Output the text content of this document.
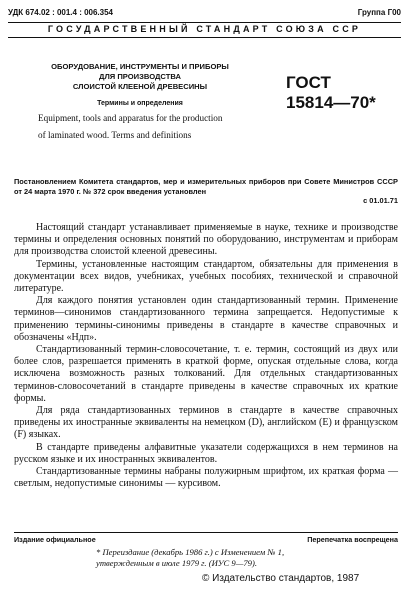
УДК 674.02 : 001.4 : 006.354	Группа Г00
ГОСУДАРСТВЕННЫЙ СТАНДАРТ СОЮЗА ССР
ОБОРУДОВАНИЕ, ИНСТРУМЕНТЫ И ПРИБОРЫ
ДЛЯ ПРОИЗВОДСТВА
СЛОИСТОЙ КЛЕЕНОЙ ДРЕВЕСИНЫ
Термины и определения
Equipment, tools and apparatus for the production
of laminated wood. Terms and definitions
ГОСТ
15814—70*
Постановлением Комитета стандартов, мер и измерительных приборов при Совете Министров СССР от 24 марта 1970 г. № 372 срок введения установлен
с 01.01.71

Настоящий стандарт устанавливает применяемые в науке, технике и производстве термины и определения основных понятий по оборудованию, инструментам и приборам для производства слоистой клееной древесины.

Термины, установленные настоящим стандартом, обязательны для применения в документации всех видов, учебниках, учебных пособиях, технической и справочной литературе.

Для каждого понятия установлен один стандартизованный термин. Применение терминов—синонимов стандартизованного термина запрещается. Недопустимые к применению термины-синонимы приведены в стандарте в качестве справочных и обозначены «Ндп».

Стандартизованный термин-словосочетание, т. е. термин, состоящий из двух или более слов, разрешается применять в краткой форме, опуская отдельные слова, когда исключена возможность разных толкований. Для отдельных стандартизованных терминов-словосочетаний в стандарте приведены в качестве справочных их краткие формы.

Для ряда стандартизованных терминов в стандарте в качестве справочных приведены их иностранные эквиваленты на немецком (D), английском (E) и французском (F) языках.

В стандарте приведены алфавитные указатели содержащихся в нем терминов на русском языке и их иностранных эквивалентов.

Стандартизованные термины набраны полужирным шрифтом, их краткая форма — светлым, недопустимые синонимы — курсивом.

Издание официальное	Перепечатка воспрещена
* Переиздание (декабрь 1986 г.) с Изменением № 1,
утвержденным в июле 1979 г. (ИУС 9—79).
© Издательство стандартов, 1987
